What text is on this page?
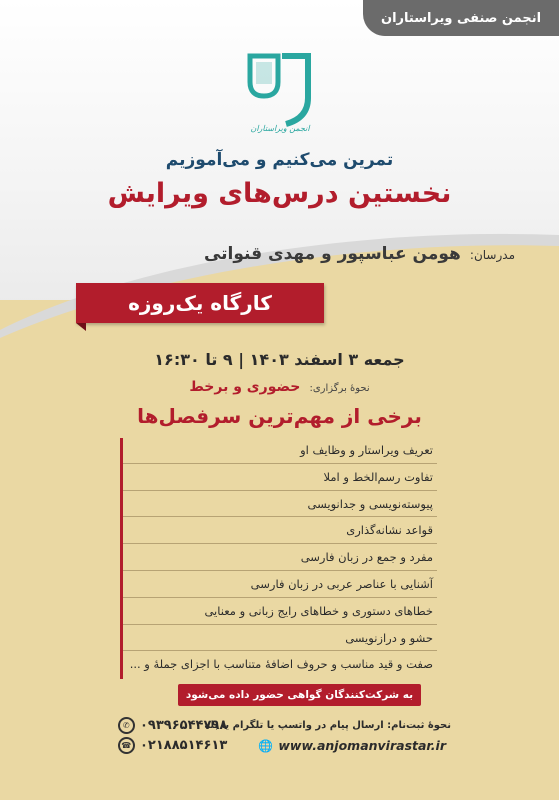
انجمن صنفی ویراستاران
انجمن ویراستاران
تمرین می‌کنیم و می‌آموزیم
نخستین درس‌های ویرایش
مدرسان: هومن عباسپور و مهدی قنواتی
کارگاه یک‌روزه
جمعه ۳ اسفند ۱۴۰۳ | ۹ تا ۱۶:۳۰
نحوهٔ برگزاری: حضوری و برخط
برخی از مهم‌ترین سرفصل‌ها
تعریف ویراستار و وظایف او
تفاوت رسم‌الخط و املا
پیوسته‌نویسی و جدانویسی
قواعد نشانه‌گذاری
مفرد و جمع در زبان فارسی
آشنایی با عناصر عربی در زبان فارسی
خطاهای دستوری و خطاهای رایج زبانی و معنایی
حشو و درازنویسی
صفت و قید مناسب و حروف اضافهٔ متناسب با اجزای جملهٔ و ...
به شرکت‌کنندگان گواهی حضور داده می‌شود
✆ ۰۹۳۹۶۵۴۴۷۹۸
☎ ۰۲۱۸۸۵۱۴۶۱۳
نحوهٔ ثبت‌نام: ارسال پیام در واتسپ یا تلگرام یا بله
🌐 www.anjomanvirastar.ir
